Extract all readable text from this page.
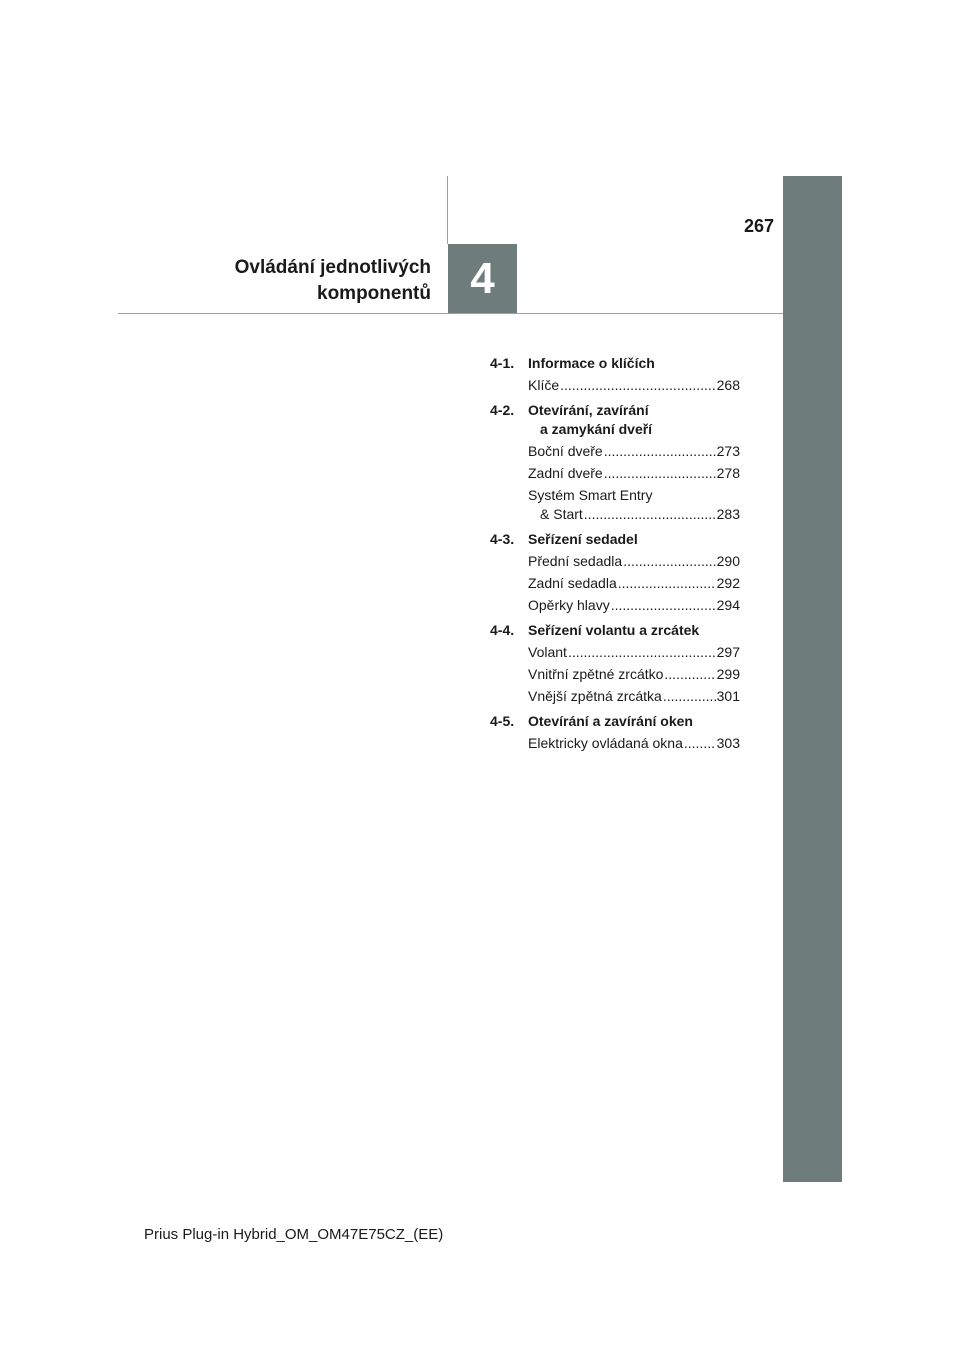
267
Ovládání jednotlivých
komponentů 4
4-1. Informace o klíčích
Klíče .....	268
4-2. Otevírání, zavírání
a zamykání dveří
Boční dveře .....	273
Zadní dveře .....	278
Systém Smart Entry
& Start .....	283
4-3. Seřízení sedadel
Přední sedadla .....	290
Zadní sedadla .....	292
Opěrky hlavy .....	294
4-4. Seřízení volantu a zrcátek
Volant .....	297
Vnitřní zpětné zrcátko .....	299
Vnější zpětná zrcátka .....	301
4-5. Otevírání a zavírání oken
Elektricky ovládaná okna ..... 303
Prius Plug-in Hybrid_OM_OM47E75CZ_(EE)
